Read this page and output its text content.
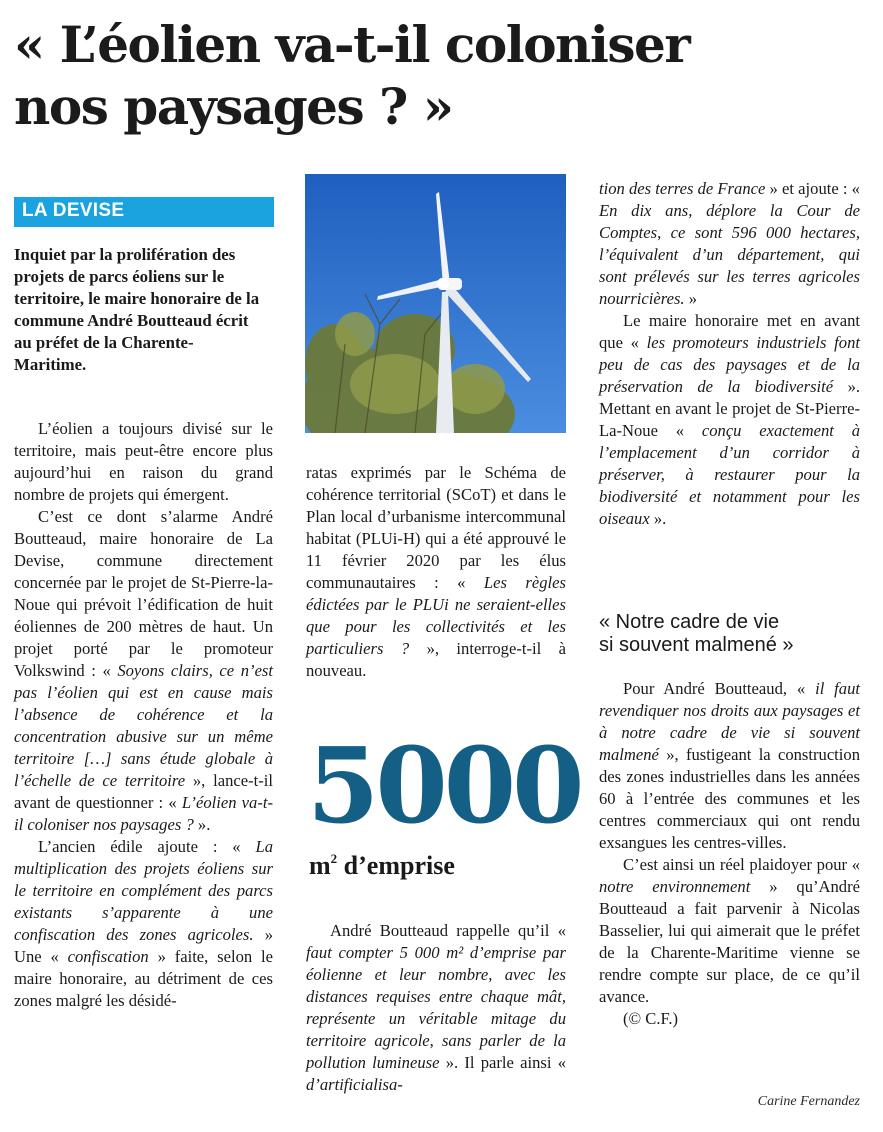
« L’éolien va-t-il coloniser
nos paysages ? »
LA DEVISE

Inquiet par la prolifération des projets de parcs éoliens sur le territoire, le maire honoraire de la commune André Boutteaud écrit au préfet de la Charente-Maritime.

L’éolien a toujours divisé sur le territoire, mais peut-être encore plus aujourd’hui en raison du grand nombre de projets qui émergent.

C’est ce dont s’alarme André Boutteaud, maire honoraire de La Devise, commune directement concernée par le projet de St-Pierre-la-Noue qui prévoit l’édification de huit éoliennes de 200 mètres de haut. Un projet porté par le promoteur Volkswind : « Soyons clairs, ce n’est pas l’éolien qui est en cause mais l’absence de cohérence et la concentration abusive sur un même territoire […] sans étude globale à l’échelle de ce territoire », lance-t-il avant de questionner : « L’éolien va-t-il coloniser nos paysages ? ».

L’ancien édile ajoute : « La multiplication des projets éoliens sur le territoire en complément des parcs existants s’apparente à une confiscation des zones agricoles. » Une « confiscation » faite, selon le maire honoraire, au détriment de ces zones malgré les désidé-

ratas exprimés par le Schéma de cohérence territorial (SCoT) et dans le Plan local d’urbanisme intercommunal habitat (PLUi-H) qui a été approuvé le 11 février 2020 par les élus communautaires : « Les règles édictées par le PLUi ne seraient-elles que pour les collectivités et les particuliers ? », interroge-t-il à nouveau.

5000
$m^2$ d’emprise

André Boutteaud rappelle qu’il « faut compter 5 000 m² d’emprise par éolienne et leur nombre, avec les distances requises entre chaque mât, représente un véritable mitage du territoire agricole, sans parler de la pollution lumineuse ». Il parle ainsi « d’artificialisa-

tion des terres de France » et ajoute : « En dix ans, déplore la Cour de Comptes, ce sont 596 000 hectares, l’équivalent d’un département, qui sont prélevés sur les terres agricoles nourricières. »

Le maire honoraire met en avant que « les promoteurs industriels font peu de cas des paysages et de la préservation de la biodiversité ». Mettant en avant le projet de St-Pierre-La-Noue « conçu exactement à l’emplacement d’un corridor à préserver, à restaurer pour la biodiversité et notamment pour les oiseaux ».

« Notre cadre de vie
si souvent malmené »

Pour André Boutteaud, « il faut revendiquer nos droits aux paysages et à notre cadre de vie si souvent malmené », fustigeant la construction des zones industrielles dans les années 60 à l’entrée des communes et les centres commerciaux qui ont rendu exsangues les centres-villes.

C’est ainsi un réel plaidoyer pour « notre environnement » qu’André Boutteaud a fait parvenir à Nicolas Basselier, lui qui aimerait que le préfet de la Charente-Maritime vienne se rendre compte sur place, de ce qu’il avance.

(© C.F.)

Carine Fernandez
